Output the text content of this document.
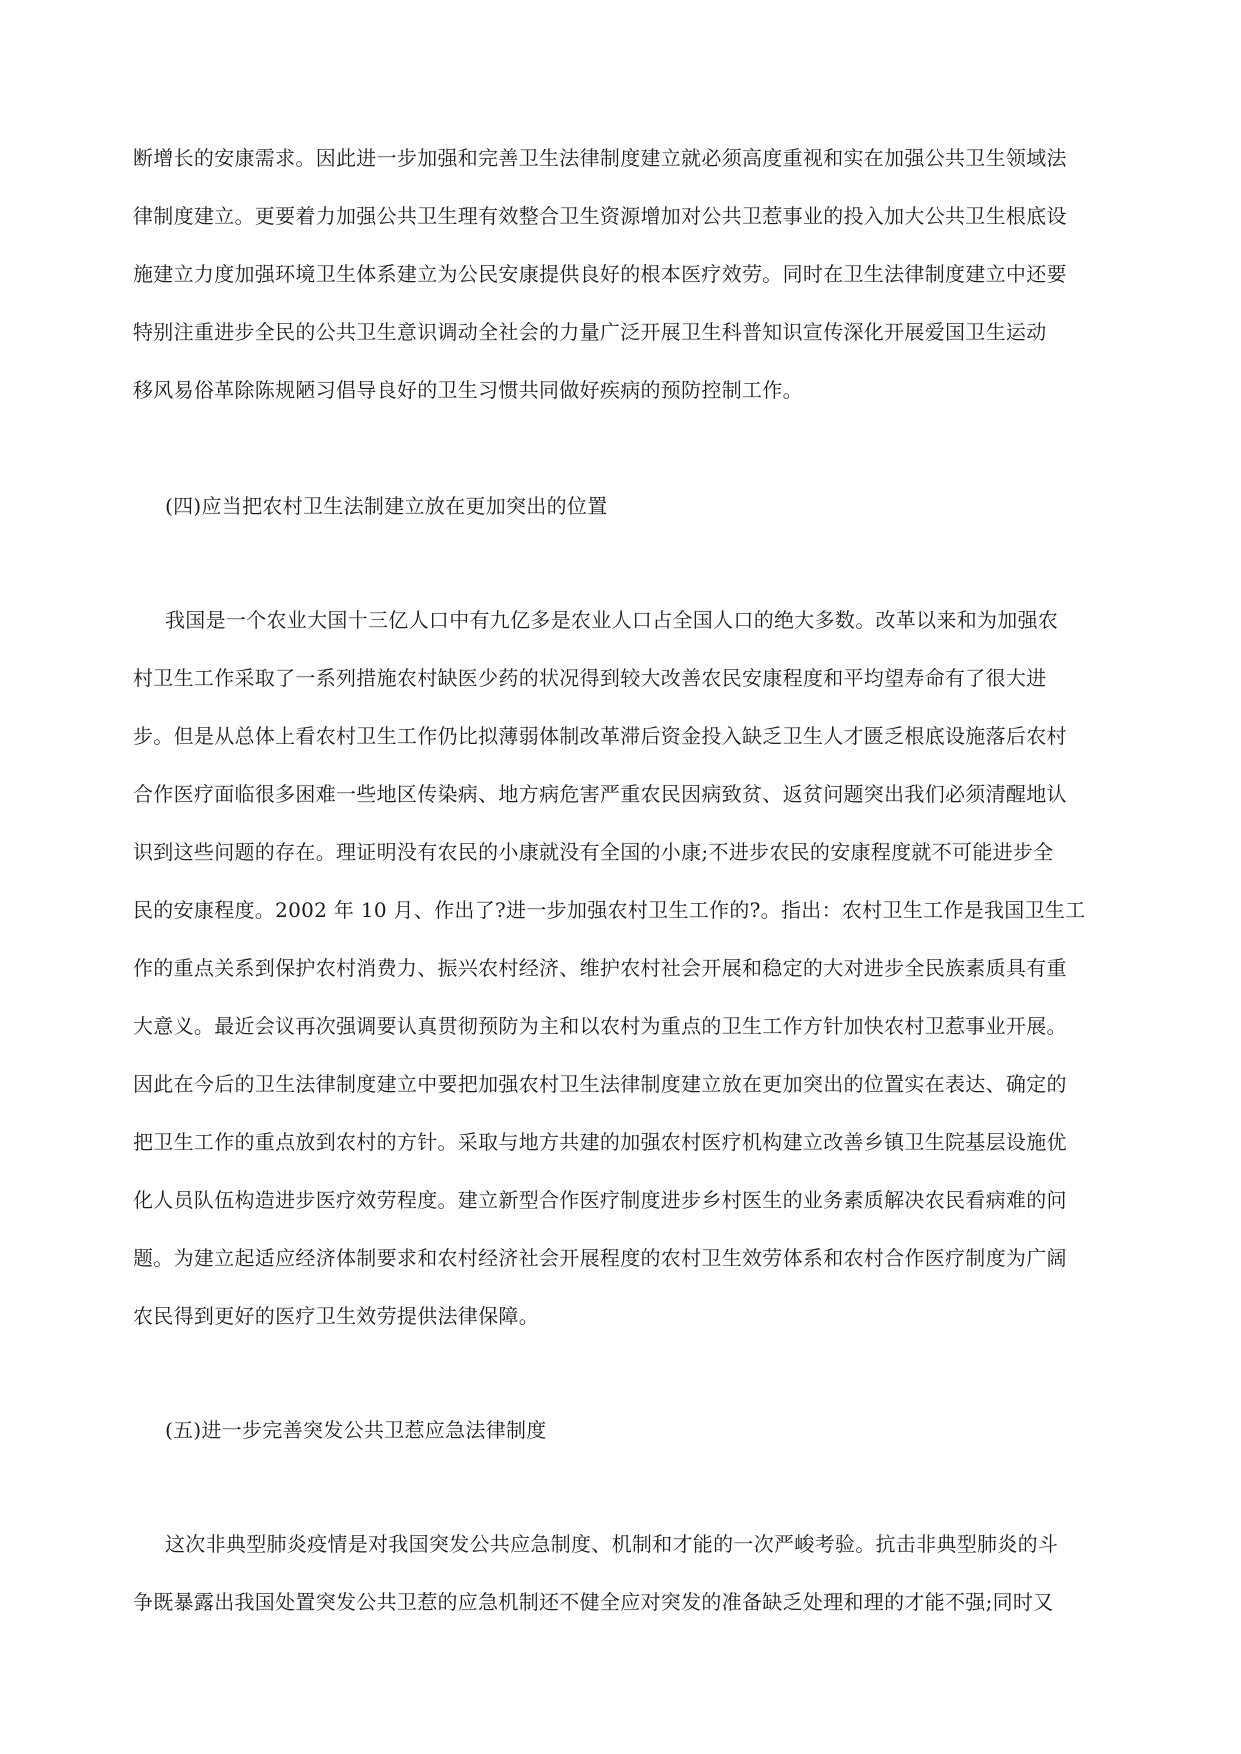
断增长的安康需求。因此进一步加强和完善卫生法律制度建立就必须高度重视和实在加强公共卫生领域法
律制度建立。更要着力加强公共卫生理有效整合卫生资源增加对公共卫惹事业的投入加大公共卫生根底设
施建立力度加强环境卫生体系建立为公民安康提供良好的根本医疗效劳。同时在卫生法律制度建立中还要
特别注重进步全民的公共卫生意识调动全社会的力量广泛开展卫生科普知识宣传深化开展爱国卫生运动
移风易俗革除陈规陋习倡导良好的卫生习惯共同做好疾病的预防控制工作。
(四)应当把农村卫生法制建立放在更加突出的位置
我国是一个农业大国十三亿人口中有九亿多是农业人口占全国人口的绝大多数。改革以来和为加强农
村卫生工作采取了一系列措施农村缺医少药的状况得到较大改善农民安康程度和平均望寿命有了很大进
步。但是从总体上看农村卫生工作仍比拟薄弱体制改革滞后资金投入缺乏卫生人才匮乏根底设施落后农村
合作医疗面临很多困难一些地区传染病、地方病危害严重农民因病致贫、返贫问题突出我们必须清醒地认
识到这些问题的存在。理证明没有农民的小康就没有全国的小康;不进步农民的安康程度就不可能进步全
民的安康程度。2002 年 10 月、作出了?进一步加强农村卫生工作的?。指出：农村卫生工作是我国卫生工
作的重点关系到保护农村消费力、振兴农村经济、维护农村社会开展和稳定的大对进步全民族素质具有重
大意义。最近会议再次强调要认真贯彻预防为主和以农村为重点的卫生工作方针加快农村卫惹事业开展。
因此在今后的卫生法律制度建立中要把加强农村卫生法律制度建立放在更加突出的位置实在表达、确定的
把卫生工作的重点放到农村的方针。采取与地方共建的加强农村医疗机构建立改善乡镇卫生院基层设施优
化人员队伍构造进步医疗效劳程度。建立新型合作医疗制度进步乡村医生的业务素质解决农民看病难的问
题。为建立起适应经济体制要求和农村经济社会开展程度的农村卫生效劳体系和农村合作医疗制度为广阔
农民得到更好的医疗卫生效劳提供法律保障。
(五)进一步完善突发公共卫惹应急法律制度
这次非典型肺炎疫情是对我国突发公共应急制度、机制和才能的一次严峻考验。抗击非典型肺炎的斗
争既暴露出我国处置突发公共卫惹的应急机制还不健全应对突发的准备缺乏处理和理的才能不强;同时又
